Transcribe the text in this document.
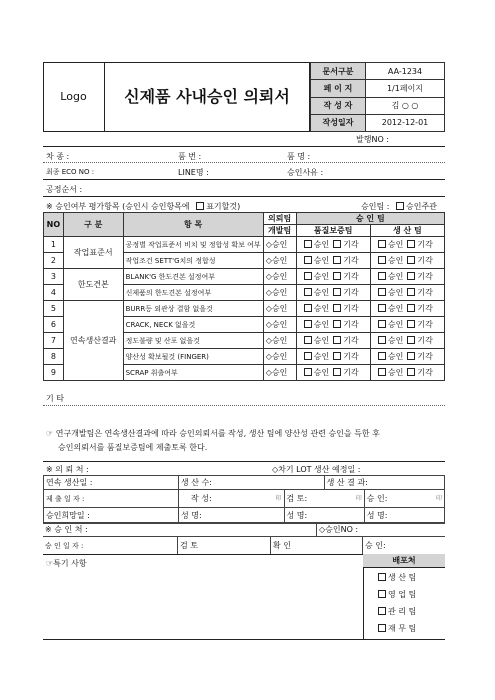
Logo	신제품 사내승인 의뢰서
문서구분	AA-1234
페 이 지	1/1페이지
작 성 자	김 ○ ○
작성일자	2012-12-01
발행NO :
차 종 :	품 번 :	품 명 :
최종 ECO NO :	LINE명 :	승인사유 :
공정순서 :
※ 승인여부 평가항목 (승인시 승인항목에 표기할것)	승인팀 : 승인주관
NO	구 분	항 목	의뢰팀	승 인 팀	
			개발팀	품질보증팀	생 산 팀
1	작업표준서	공정별 작업표준서 비치 및 정합성 확보 여부	◇승인	승인 기각	승인 기각
2		작업조건 SETT'G치의 정합성	◇승인	승인 기각	승인 기각
3	한도견본	BLANK'G 한도견본 설정여부	◇승인	승인 기각	승인 기각
4		신제품의 한도견본 설정여부	◇승인	승인 기각	승인 기각
5	연속생산결과	BURR등 외관상 결함 없을것	◇승인	승인 기각	승인 기각
6		CRACK, NECK 없을것	◇승인	승인 기각	승인 기각
7		정도불량 및 산포 없을것	◇승인	승인 기각	승인 기각
8		양산성 확보될것 (FINGER)	◇승인	승인 기각	승인 기각
9		SCRAP 취출여부	◇승인	승인 기각	승인 기각
기 타
☞ 연구개발팀은 연속생산결과에 따라 승인의뢰서를 작성, 생산 팀에 양산성 관련 승인을 득한 후
승인의뢰서를 품질보증팀에 제출토록 한다.
※ 의 뢰 처 :	◇차기 LOT 생산 예정일 :
연속 생산일 :	생 산 수:		생 산 결 과:	
제 출 일 자 :	작 성: 印	검 토: 印		승 인: 印

승인희망일 :	성 명:	성 명:		성 명:
※ 승 인 처 :			◇승인NO :	
승 인 일 자 :	검 토	확 인		승 인:
☞특기 사항	배포처
생 산 팀
영 업 팀
관 리 팀
재 무 팀
